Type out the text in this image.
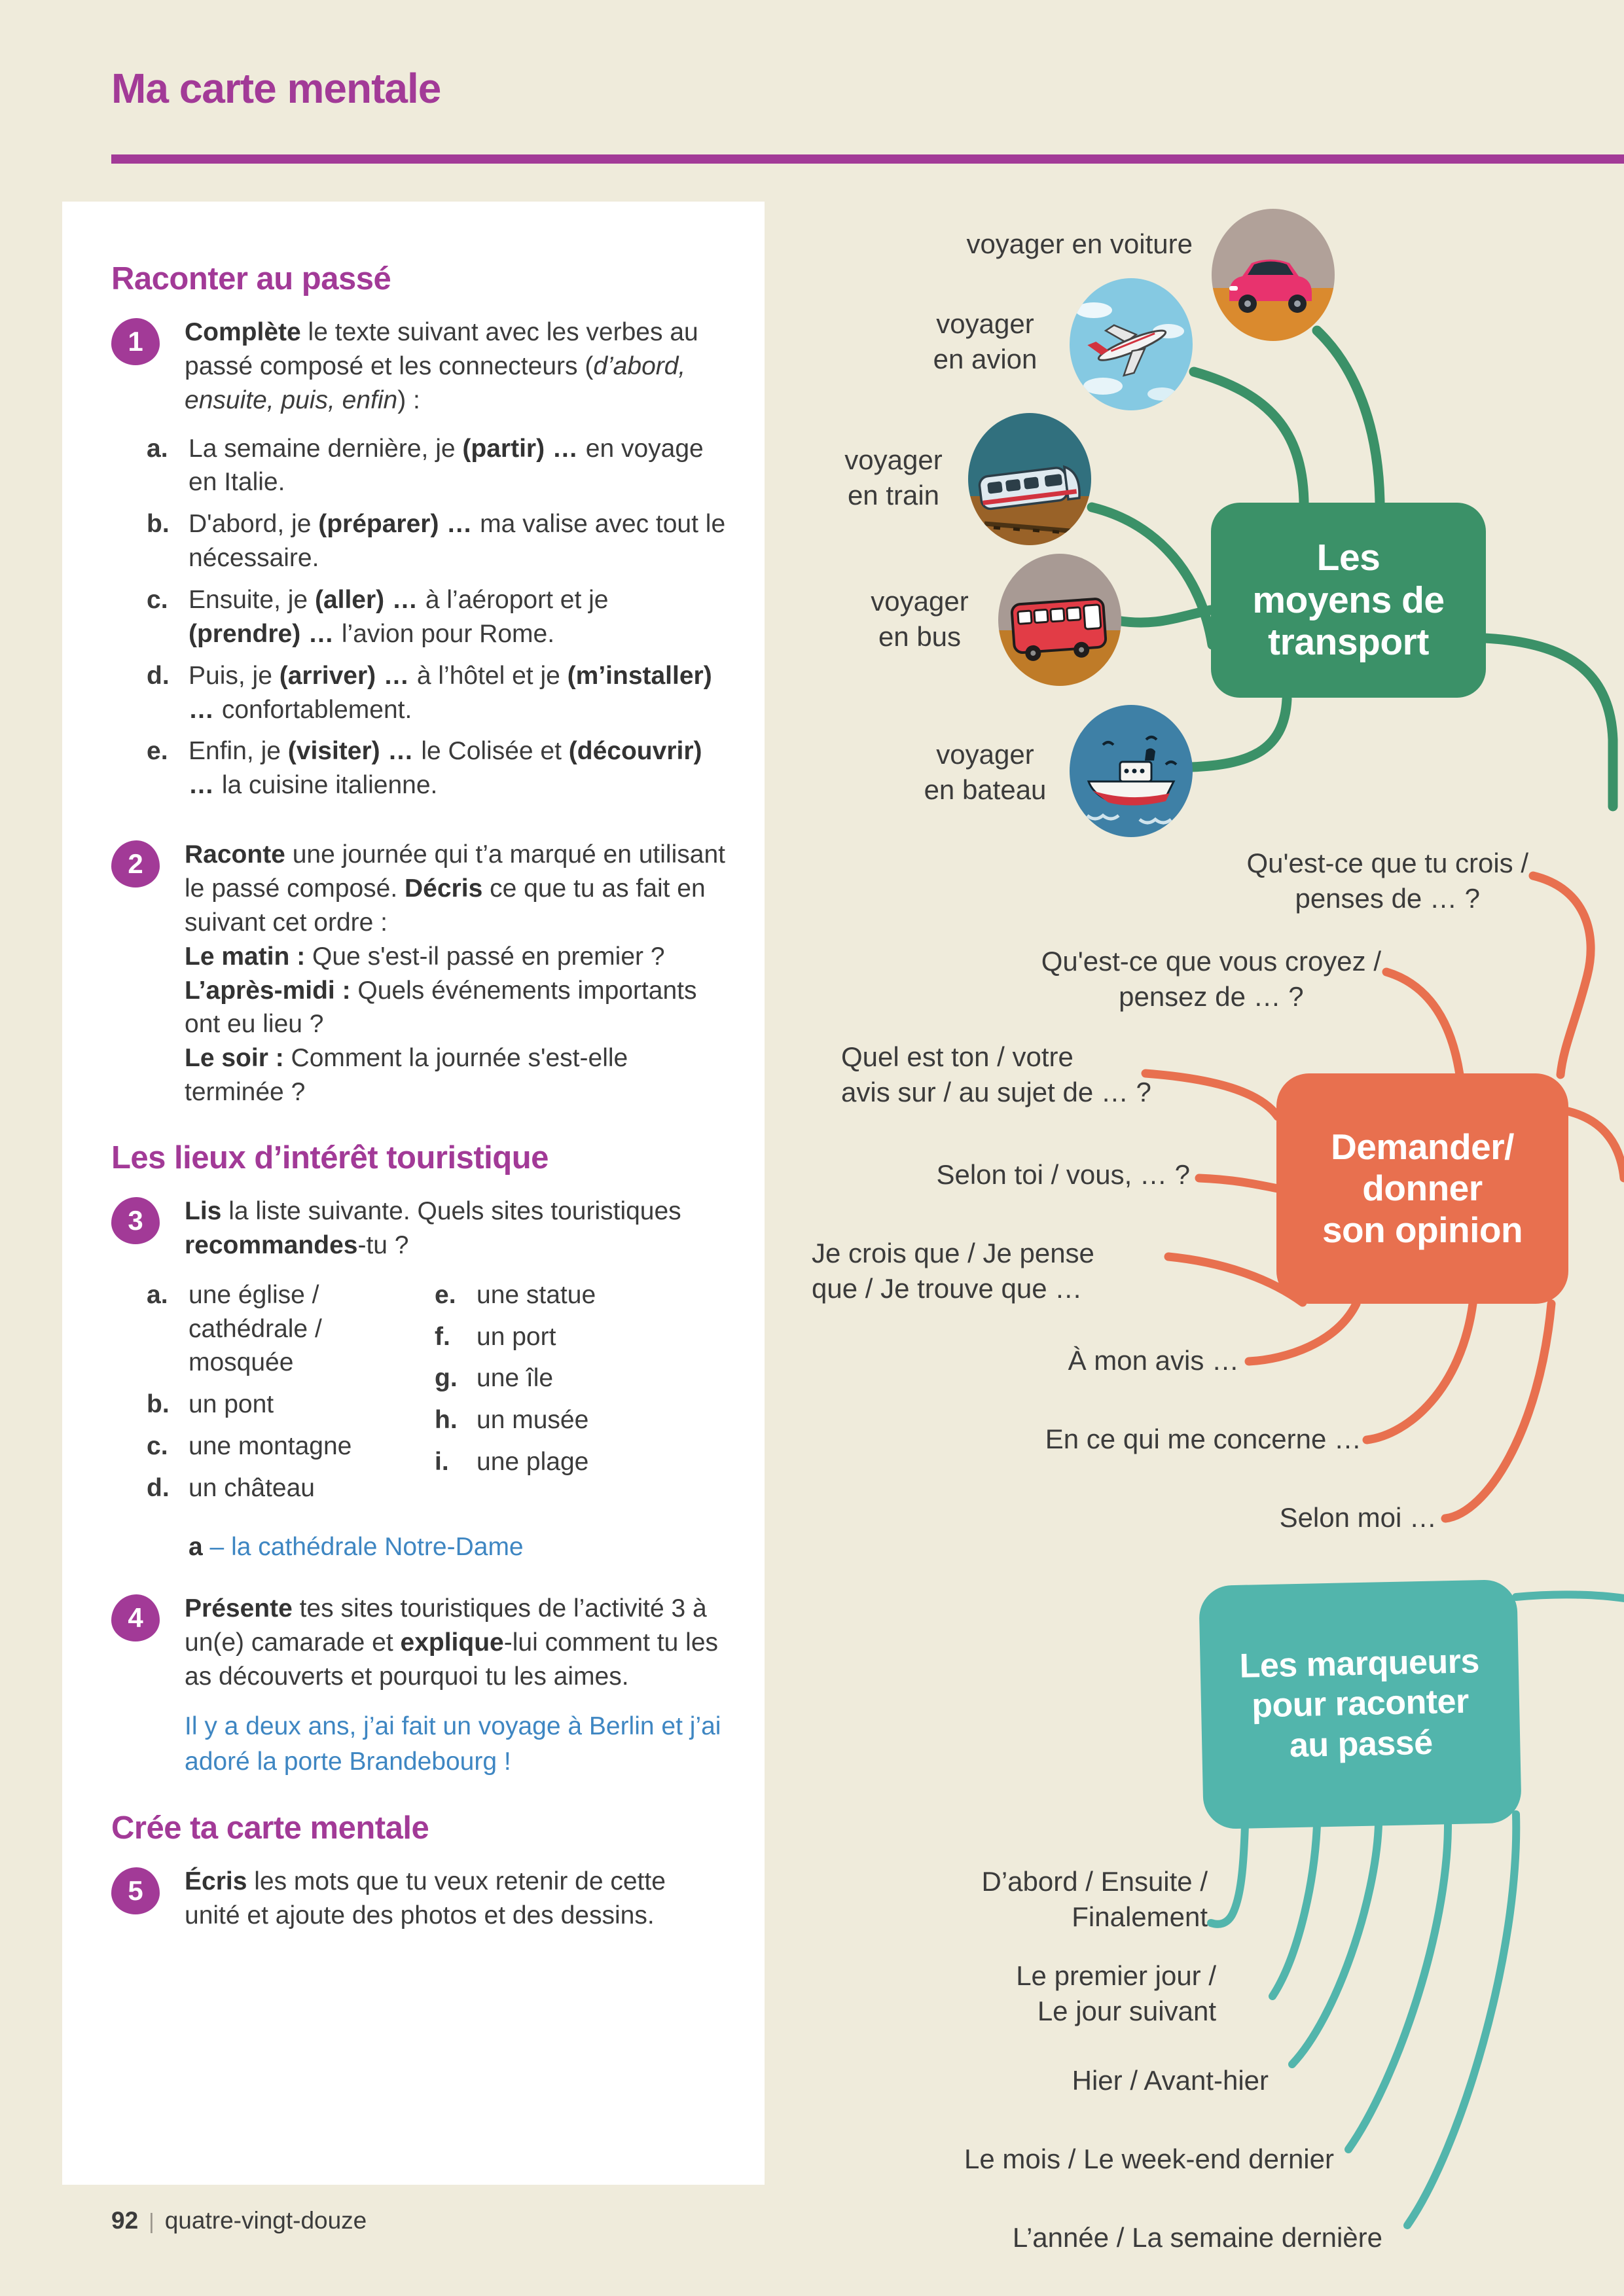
Ma carte mentale
Raconter au passé
1	Complète le texte suivant avec les verbes au passé composé et les connecteurs (d’abord, ensuite, puis, enfin) :
a. La semaine dernière, je (partir) … en voyage en Italie.
b. D'abord, je (préparer) … ma valise avec tout le nécessaire.
c. Ensuite, je (aller) … à l’aéroport et je (prendre) … l’avion pour Rome.
d. Puis, je (arriver) … à l’hôtel et je (m’installer) … confortablement.
e. Enfin, je (visiter) … le Colisée et (découvrir) … la cuisine italienne.
2	Raconte une journée qui t’a marqué en utilisant le passé composé. Décris ce que tu as fait en suivant cet ordre :
Le matin : Que s'est-il passé en premier ?
L’après-midi : Quels événements importants ont eu lieu ?
Le soir : Comment la journée s'est-elle terminée ?
Les lieux d’intérêt touristique
3	Lis la liste suivante. Quels sites touristiques recommandes-tu ?
a. une église / cathédrale / mosquée
b. un pont
c. une montagne
d. un château
e. une statue
f.	un port
g. une île
h. un musée
i.	une plage
a – la cathédrale Notre-Dame
4	Présente tes sites touristiques de l’activité 3 à un(e) camarade et explique-lui comment tu les as découverts et pourquoi tu les aimes.
Il y a deux ans, j’ai fait un voyage à Berlin et j’ai adoré la porte Brandebourg !
Crée ta carte mentale
5	Écris les mots que tu veux retenir de cette unité et ajoute des photos et des dessins.
Les
moyens de
transport
voyager en voiture
voyager
en avion
voyager
en train
voyager
en bus
voyager
en bateau
Demander/
donner
son opinion
Qu'est-ce que tu crois /
penses de … ?
Qu'est-ce que vous croyez /
pensez de … ?
Quel est ton / votre
avis sur / au sujet de … ?
Selon toi / vous, … ?
Je crois que / Je pense
que / Je trouve que …
À mon avis …
En ce qui me concerne …
Selon moi …
Les marqueurs
pour raconter
au passé
D’abord / Ensuite /
Finalement
Le premier jour /
Le jour suivant
Hier / Avant-hier
Le mois / Le week-end dernier
L’année / La semaine dernière
92 | quatre-vingt-douze
